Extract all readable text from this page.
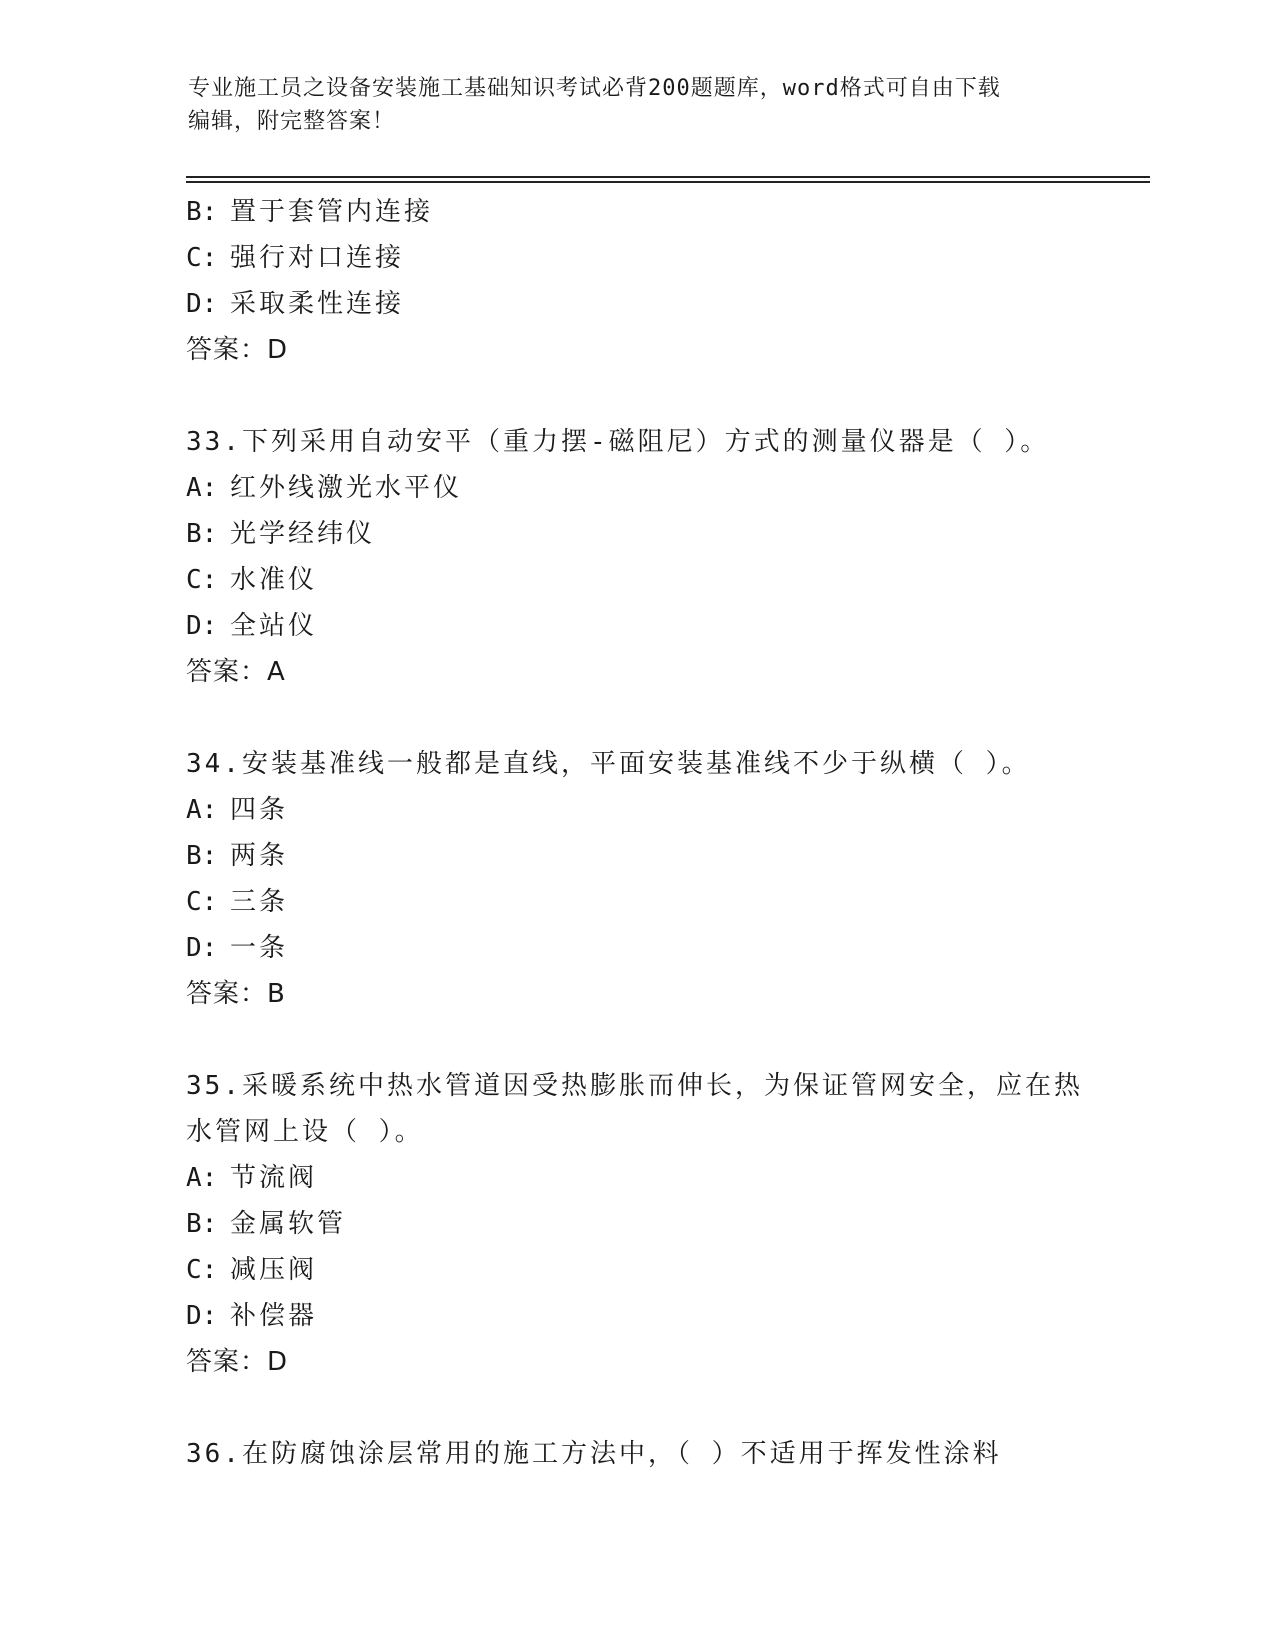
专业施工员之设备安装施工基础知识考试必背200题题库，word格式可自由下载
编辑，附完整答案！
B: 置于套管内连接
C: 强行对口连接
D: 采取柔性连接
答案：D
33.下列采用自动安平（重力摆-磁阻尼）方式的测量仪器是（ ）。
A: 红外线激光水平仪
B: 光学经纬仪
C: 水准仪
D: 全站仪
答案：A
34.安装基准线一般都是直线，平面安装基准线不少于纵横（ ）。
A: 四条
B: 两条
C: 三条
D: 一条
答案：B
35.采暖系统中热水管道因受热膨胀而伸长，为保证管网安全，应在热
水管网上设（ ）。
A: 节流阀
B: 金属软管
C: 减压阀
D: 补偿器
答案：D
36.在防腐蚀涂层常用的施工方法中，（ ）不适用于挥发性涂料
